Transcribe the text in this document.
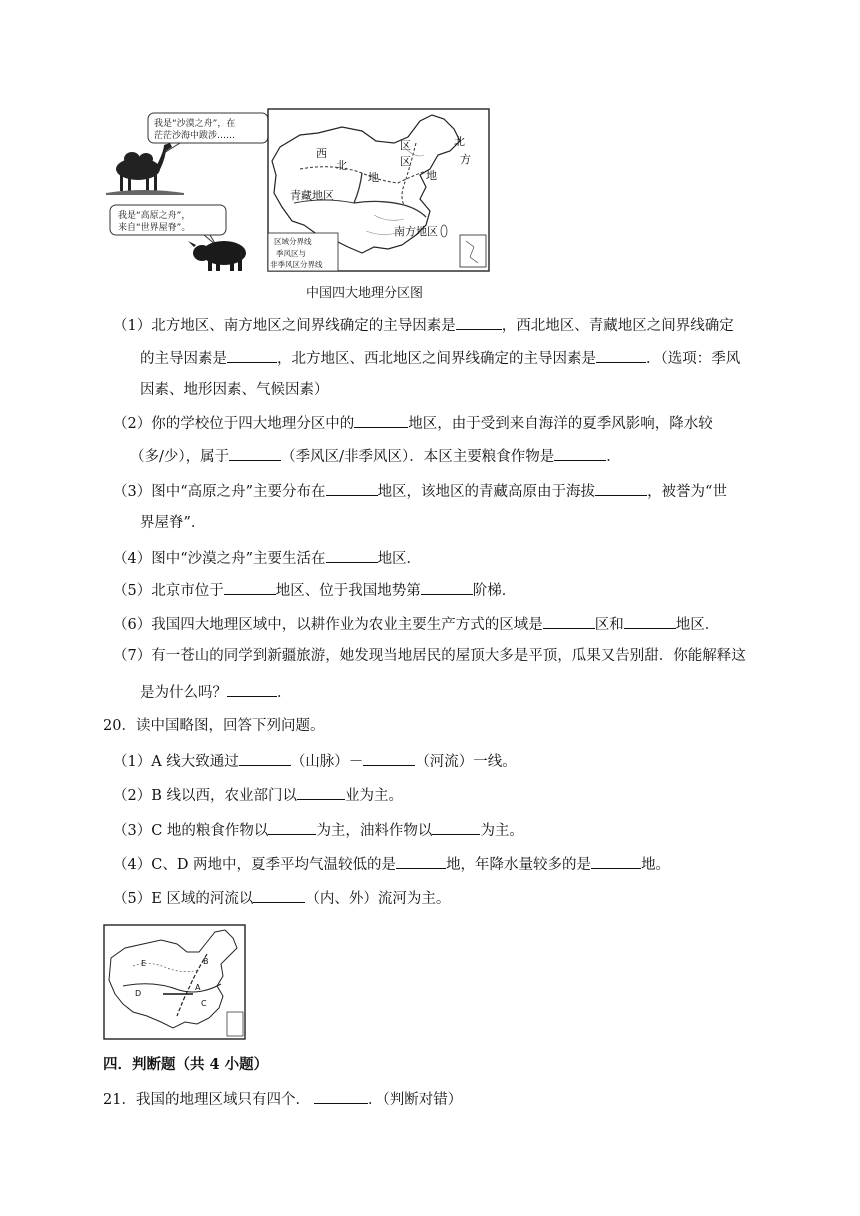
我是“沙漠之舟”，在
茫茫沙海中跋涉……
我是“高原之舟”，
来自“世界屋脊”。
西
北
地
区
北
方
区
地
青藏地区
南方地区
区域分界线
季风区与
非季风区分界线
中国四大地理分区图
（1）北方地区、南方地区之间界线确定的主导因素是	，西北地区、青藏地区之间界线确定
的主导因素是	，北方地区、西北地区之间界线确定的主导因素是	．（选项：季风
因素、地形因素、气候因素）
（2）你的学校位于四大地理分区中的	地区，由于受到来自海洋的夏季风影响，降水较
（多/少），属于	（季风区/非季风区）．本区主要粮食作物是	．
（3）图中“高原之舟”主要分布在	地区，该地区的青藏高原由于海拔	，被誉为“世
界屋脊”．
（4）图中“沙漠之舟”主要生活在	地区．
（5）北京市位于	地区、位于我国地势第	阶梯．
（6）我国四大地理区域中，以耕作业为农业主要生产方式的区域是	区和	地区．
（7）有一苍山的同学到新疆旅游，她发现当地居民的屋顶大多是平顶，瓜果又告别甜．你能解释这
是为什么吗？	．
20．读中国略图，回答下列问题。
（1）A 线大致通过	（山脉）－	（河流）一线。
（2）B 线以西，农业部门以	业为主。
（3）C 地的粮食作物以	为主，油料作物以	为主。
（4）C、D 两地中，夏季平均气温较低的是	地，年降水量较多的是	地。
（5）E 区域的河流以	（内、外）流河为主。
E	B
A
D
C
四．判断题（共 4 小题）
21．我国的地理区域只有四个．	．（判断对错）
